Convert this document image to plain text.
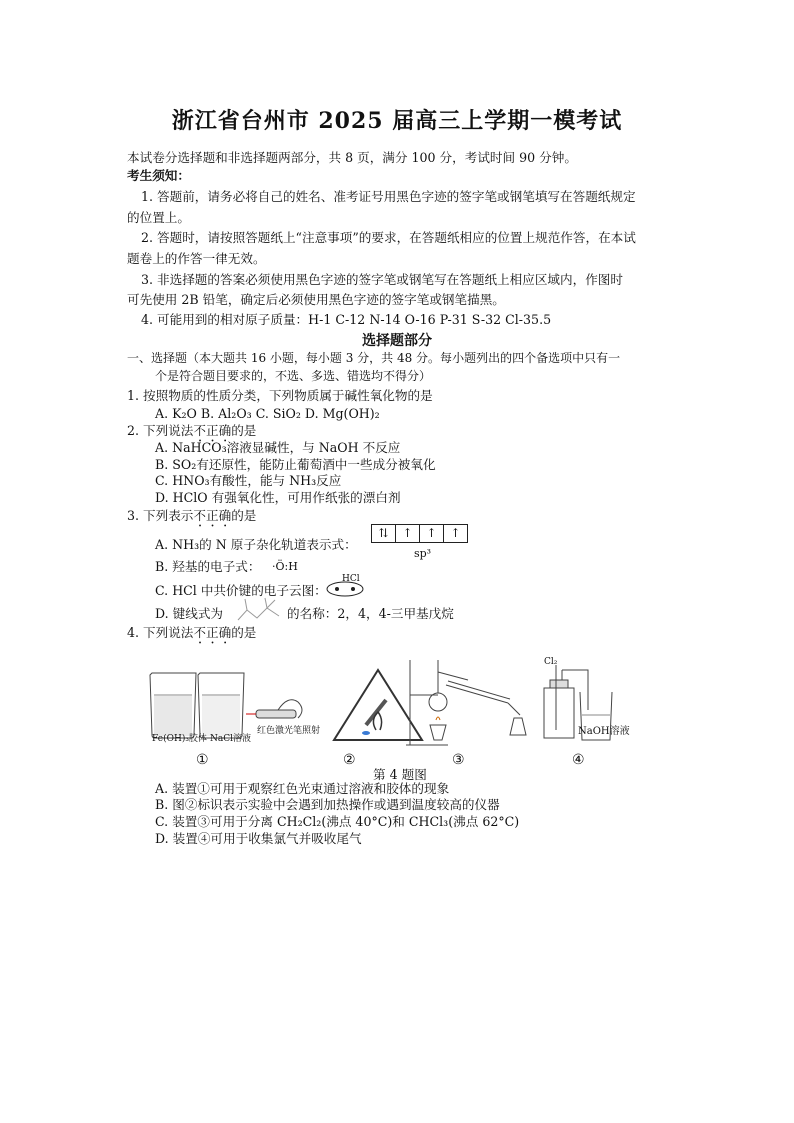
浙江省台州市 2025 届高三上学期一模考试
本试卷分选择题和非选择题两部分，共 8 页，满分 100 分，考试时间 90 分钟。
考生须知：
1. 答题前，请务必将自己的姓名、准考证号用黑色字迹的签字笔或钢笔填写在答题纸规定
的位置上。
2. 答题时，请按照答题纸上“注意事项”的要求，在答题纸相应的位置上规范作答，在本试
题卷上的作答一律无效。
3. 非选择题的答案必须使用黑色字迹的签字笔或钢笔写在答题纸上相应区域内，作图时
可先使用 2B 铅笔，确定后必须使用黑色字迹的签字笔或钢笔描黑。
4. 可能用到的相对原子质量：H-1 C-12 N-14 O-16 P-31 S-32 Cl-35.5
选择题部分
一、选择题（本大题共 16 小题，每小题 3 分，共 48 分。每小题列出的四个备选项中只有一
个是符合题目要求的，不选、多选、错选均不得分）
1. 按照物质的性质分类，下列物质属于碱性氧化物的是
A. K₂O B. Al₂O₃ C. SiO₂ D. Mg(OH)₂
2. 下列说法不正确的是
A. NaHCO₃溶液显碱性，与 NaOH 不反应
B. SO₂有还原性，能防止葡萄酒中一些成分被氧化
C. HNO₃有酸性，能与 NH₃反应
D. HClO 有强氧化性，可用作纸张的漂白剂
3. 下列表示不正确的是
A. NH₃的 N 原子杂化轨道表示式：
⇅	↑	↑	↑
sp³
B. 羟基的电子式： ·Ö:H
C. HCl 中共价键的电子云图：
HCl
D. 键线式为	的名称：2，4，4-三甲基戊烷
4. 下列说法不正确的是
Fe(OH)₃胶体 NaCl溶液
红色激光笔照射
Cl₂
NaOH溶液
①	②	③	④
第 4 题图
A. 装置①可用于观察红色光束通过溶液和胶体的现象
B. 图②标识表示实验中会遇到加热操作或遇到温度较高的仪器
C. 装置③可用于分离 CH₂Cl₂(沸点 40°C)和 CHCl₃(沸点 62°C)
D. 装置④可用于收集氯气并吸收尾气
